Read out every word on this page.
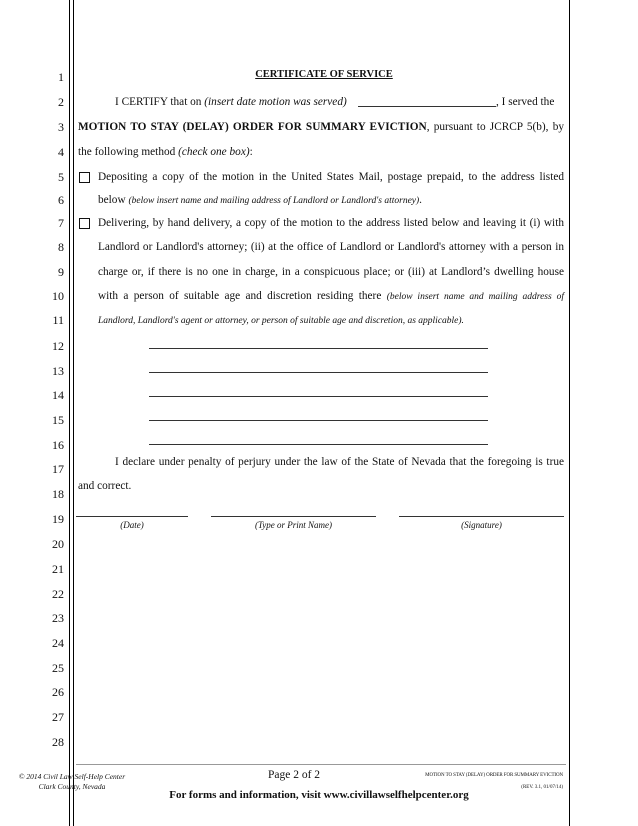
1
2
3
4
5
6
7
8
9
10
11
12
13
14
15
16
17
18
19
20
21
22
23
24
25
26
27
28
CERTIFICATE OF SERVICE
I CERTIFY that on (insert date motion was served)	, I served the
MOTION TO STAY (DELAY) ORDER FOR SUMMARY EVICTION, pursuant to JCRCP 5(b), by
the following method (check one box):
Depositing a copy of the motion in the United States Mail, postage prepaid, to the address listed
below (below insert name and mailing address of Landlord or Landlord's attorney).
Delivering, by hand delivery, a copy of the motion to the address listed below and leaving it (i) with
Landlord or Landlord's attorney; (ii) at the office of Landlord or Landlord's attorney with a person in
charge or, if there is no one in charge, in a conspicuous place; or (iii) at Landlord’s dwelling house
with a person of suitable age and discretion residing there (below insert name and mailing address of
Landlord, Landlord's agent or attorney, or person of suitable age and discretion, as applicable).
I declare under penalty of perjury under the law of the State of Nevada that the foregoing is true
and correct.
(Date)	(Type or Print Name)	(Signature)
© 2014 Civil Law Self-Help Center
Clark County, Nevada
Page 2 of 2	MOTION TO STAY (DELAY) ORDER FOR SUMMARY EVICTION
(REV. 3.1, 01/07/14)
For forms and information, visit www.civillawselfhelpcenter.org
